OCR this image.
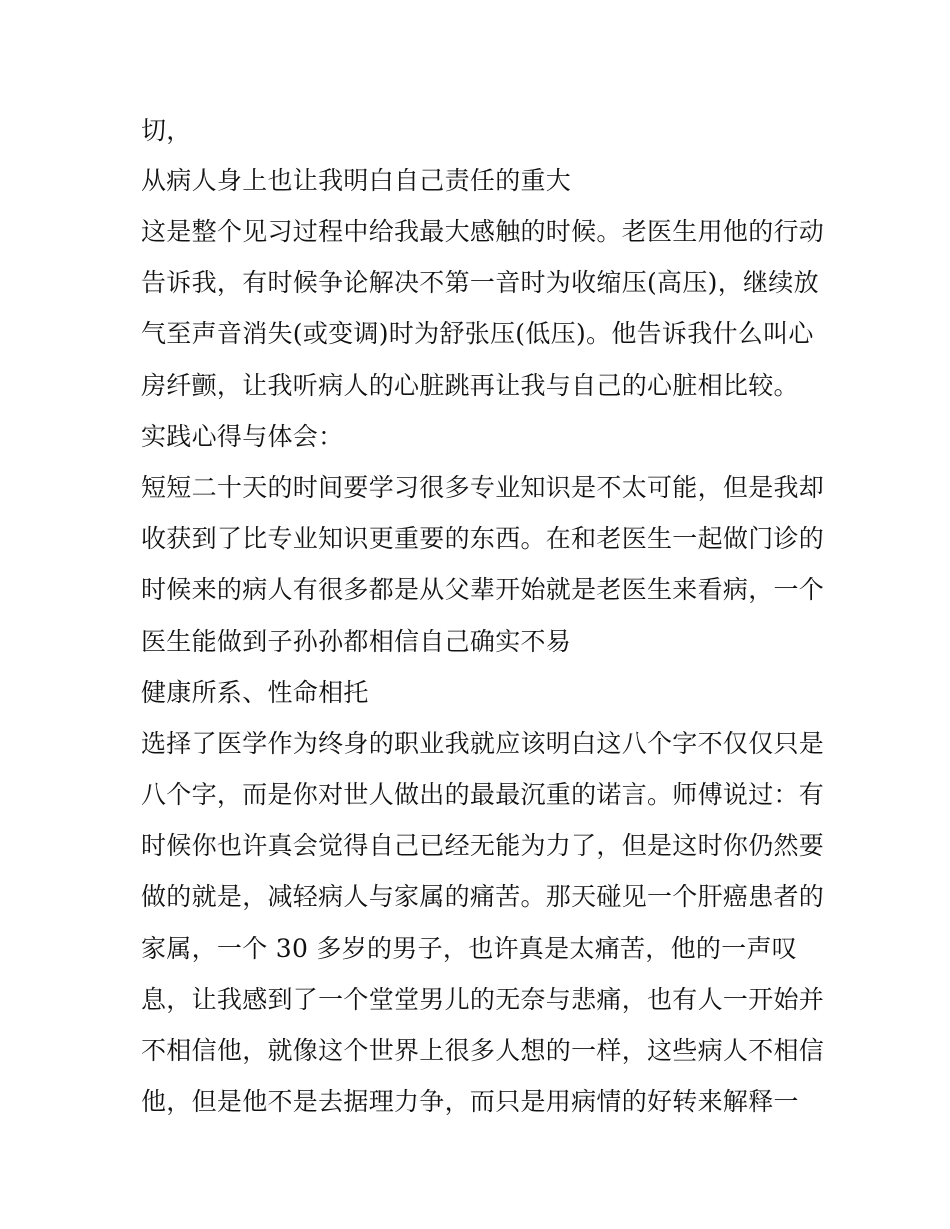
切，
从病人身上也让我明白自己责任的重大
这是整个见习过程中给我最大感触的时候。老医生用他的行动
告诉我，有时候争论解决不第一音时为收缩压(高压)，继续放
气至声音消失(或变调)时为舒张压(低压)。他告诉我什么叫心
房纤颤，让我听病人的心脏跳再让我与自己的心脏相比较。
实践心得与体会：
短短二十天的时间要学习很多专业知识是不太可能，但是我却
收获到了比专业知识更重要的东西。在和老医生一起做门诊的
时候来的病人有很多都是从父辈开始就是老医生来看病，一个
医生能做到子孙孙都相信自己确实不易
健康所系、性命相托
选择了医学作为终身的职业我就应该明白这八个字不仅仅只是
八个字，而是你对世人做出的最最沉重的诺言。师傅说过：有
时候你也许真会觉得自己已经无能为力了，但是这时你仍然要
做的就是，减轻病人与家属的痛苦。那天碰见一个肝癌患者的
家属，一个 30 多岁的男子，也许真是太痛苦，他的一声叹
息，让我感到了一个堂堂男儿的无奈与悲痛，也有人一开始并
不相信他，就像这个世界上很多人想的一样，这些病人不相信
他，但是他不是去据理力争，而只是用病情的好转来解释一
